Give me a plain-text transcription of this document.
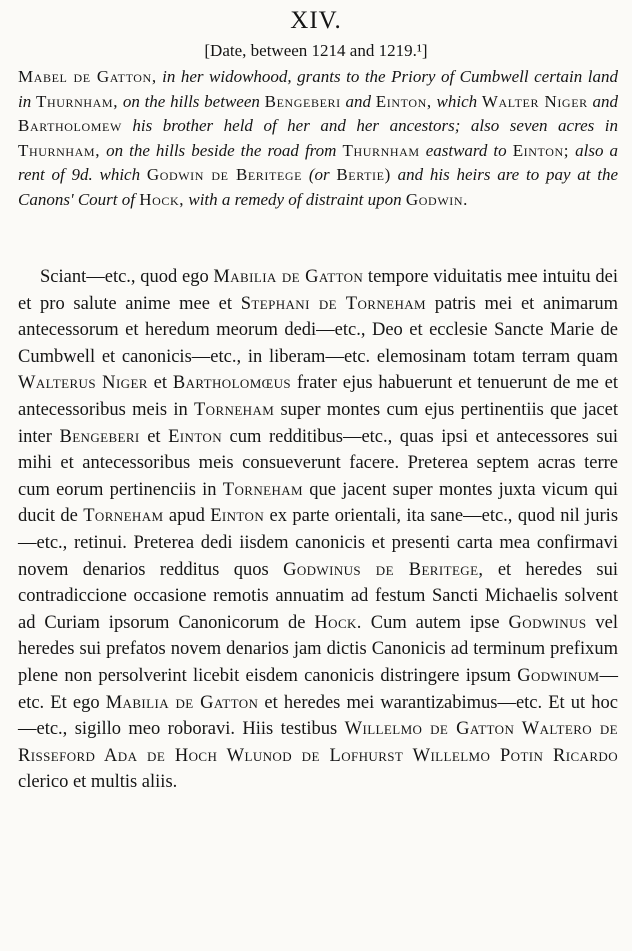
XIV.
[Date, between 1214 and 1219.¹]
Mabel de Gatton, in her widowhood, grants to the Priory of Cumbwell certain land in Thurnham, on the hills between Bengeberi and Einton, which Walter Niger and Bartholomew his brother held of her and her ancestors; also seven acres in Thurnham, on the hills beside the road from Thurnham eastward to Einton; also a rent of 9d. which Godwin de Beritege (or Bertie) and his heirs are to pay at the Canons' Court of Hock, with a remedy of distraint upon Godwin.
Sciant—etc., quod ego Mabilia de Gatton tempore viduitatis mee intuitu dei et pro salute anime mee et Stephani de Torneham patris mei et animarum antecessorum et heredum meorum dedi—etc., Deo et ecclesie Sancte Marie de Cumbwell et canonicis—etc., in liberam—etc. elemosinam totam terram quam Walterus Niger et Bartholomœus frater ejus habuerunt et tenuerunt de me et antecessoribus meis in Torneham super montes cum ejus pertinentiis que jacet inter Bengeberi et Einton cum redditibus—etc., quas ipsi et antecessores sui mihi et antecessoribus meis consueverunt facere. Preterea septem acras terre cum eorum pertinenciis in Torneham que jacent super montes juxta vicum qui ducit de Torneham apud Einton ex parte orientali, ita sane—etc., quod nil juris—etc., retinui. Preterea dedi iisdem canonicis et presenti carta mea confirmavi novem denarios redditus quos Godwinus de Beritege, et heredes sui contradiccione occasione remotis annuatim ad festum Sancti Michaelis solvent ad Curiam ipsorum Canonicorum de Hock. Cum autem ipse Godwinus vel heredes sui prefatos novem denarios jam dictis Canonicis ad terminum prefixum plene non persolverint licebit eisdem canonicis distringere ipsum Godwinum—etc. Et ego Mabilia de Gatton et heredes mei warantizabimus—etc. Et ut hoc—etc., sigillo meo roboravi. Hiis testibus Willelmo de Gatton Waltero de Risseford Ada de Hoch Wlunod de Lofhurst Willelmo Potin Ricardo clerico et multis aliis.
